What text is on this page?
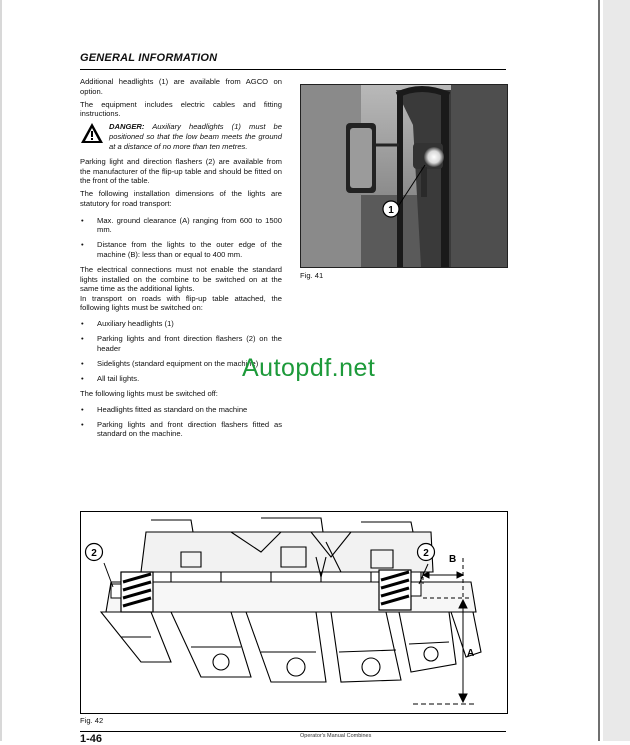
GENERAL INFORMATION

Additional headlights (1) are available from AGCO on option.

The equipment includes electric cables and fitting instructions.

DANGER: Auxiliary headlights (1) must be positioned so that the low beam meets the ground at a distance of no more than ten metres.

Parking light and direction flashers (2) are available from the manufacturer of the flip-up table and should be fitted on the front of the table.

The following installation dimensions of the lights are statutory for road transport:

• Max. ground clearance (A) ranging from 600 to 1500 mm.
• Distance from the lights to the outer edge of the machine (B): less than or equal to 400 mm.

The electrical connections must not enable the standard lights installed on the combine to be switched on at the same time as the additional lights.

In transport on roads with flip-up table attached, the following lights must be switched on:

• Auxiliary headlights (1)
• Parking lights and front direction flashers (2) on the header
• Sidelights (standard equipment on the machine)
• All tail lights.

The following lights must be switched off:

• Headlights fitted as standard on the machine
• Parking lights and front direction flashers fitted as standard on the machine.
1
Fig. 41
2	2
B
A
Fig. 42
Autopdf.net
1-46	Operator's Manual Combines
